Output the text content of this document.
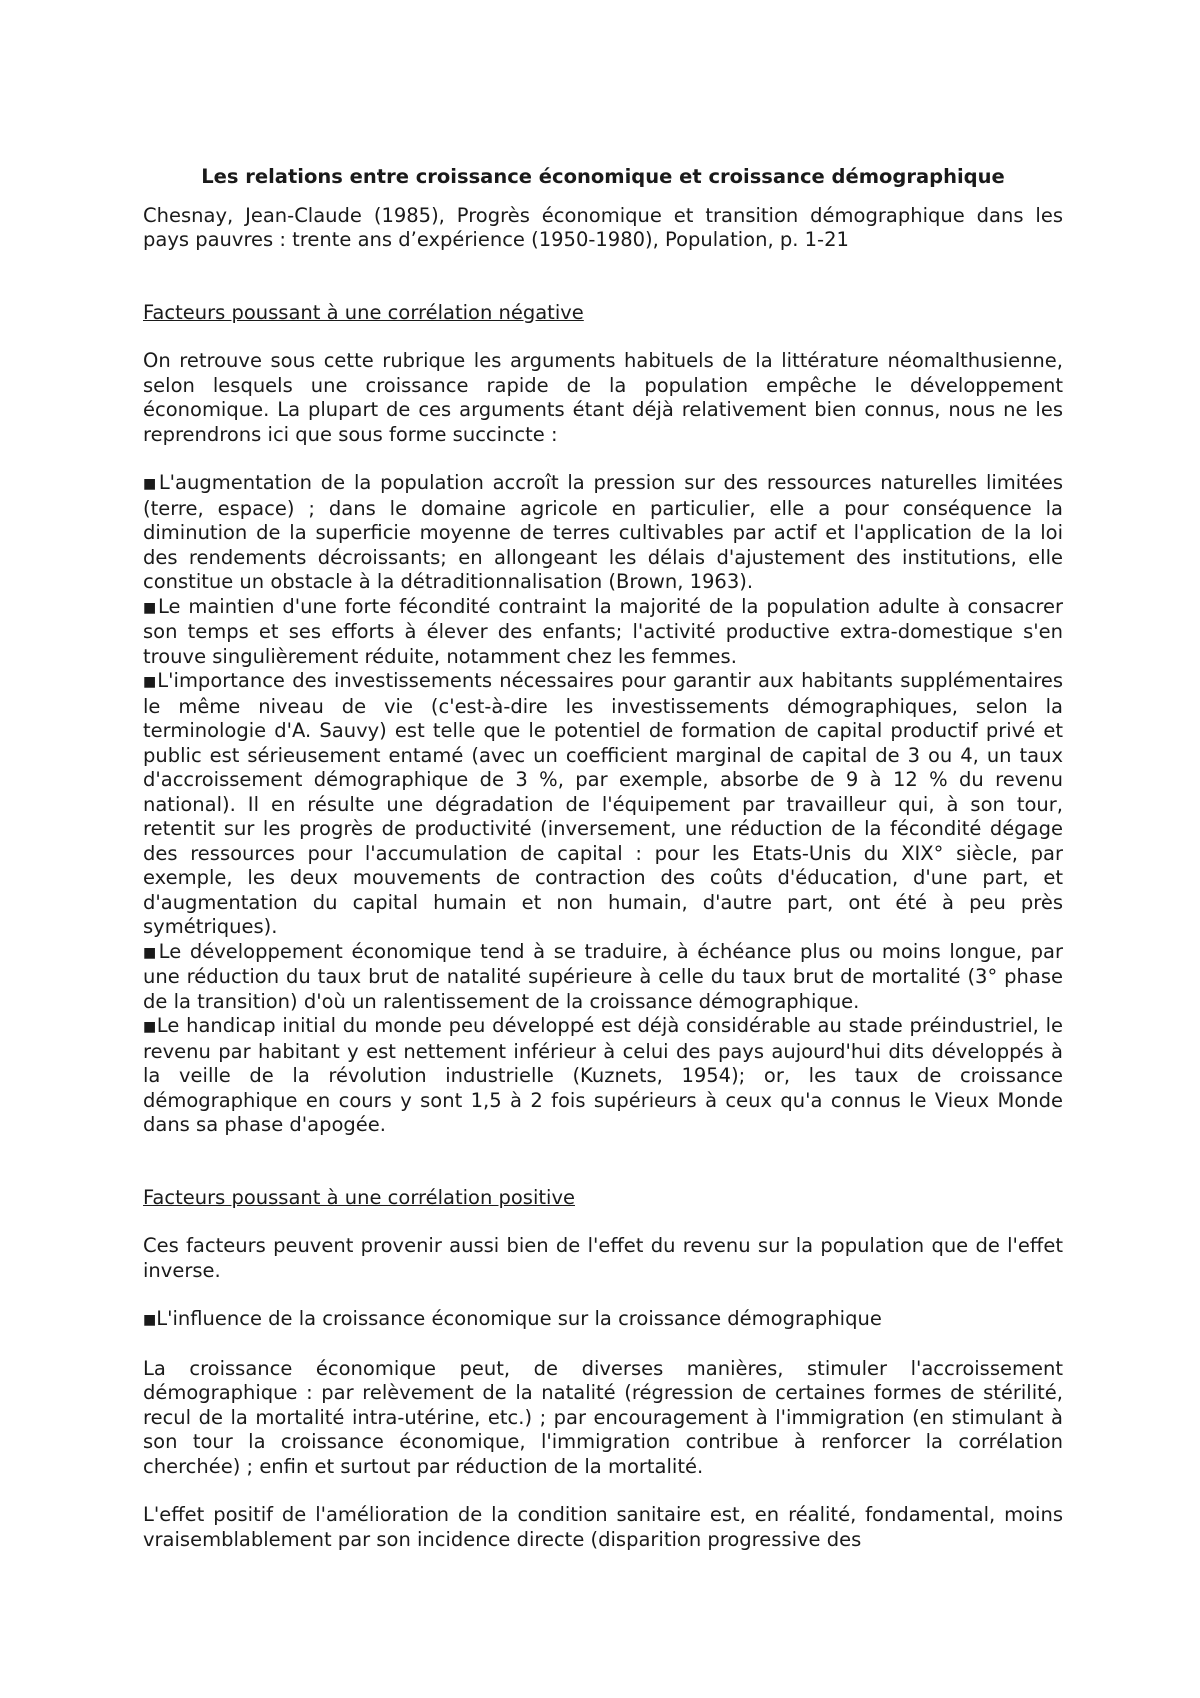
Les relations entre croissance économique et croissance démographique

Chesnay, Jean-Claude (1985), Progrès économique et transition démographique dans les pays pauvres : trente ans d’expérience (1950-1980), Population, p. 1-21

Facteurs poussant à une corrélation négative

On retrouve sous cette rubrique les arguments habituels de la littérature néomalthusienne, selon lesquels une croissance rapide de la population empêche le développement économique. La plupart de ces arguments étant déjà relativement bien connus, nous ne les reprendrons ici que sous forme succincte :

■L'augmentation de la population accroît la pression sur des ressources naturelles limitées (terre, espace) ; dans le domaine agricole en particulier, elle a pour conséquence la diminution de la superficie moyenne de terres cultivables par actif et l'application de la loi des rendements décroissants; en allongeant les délais d'ajustement des institutions, elle constitue un obstacle à la détraditionnalisation (Brown, 1963).

■Le maintien d'une forte fécondité contraint la majorité de la population adulte à consacrer son temps et ses efforts à élever des enfants; l'activité productive extra-domestique s'en trouve singulièrement réduite, notamment chez les femmes.

■L'importance des investissements nécessaires pour garantir aux habitants supplémentaires le même niveau de vie (c'est-à-dire les investissements démographiques, selon la terminologie d'A. Sauvy) est telle que le potentiel de formation de capital productif privé et public est sérieusement entamé (avec un coefficient marginal de capital de 3 ou 4, un taux d'accroissement démographique de 3 %, par exemple, absorbe de 9 à 12 % du revenu national). Il en résulte une dégradation de l'équipement par travailleur qui, à son tour, retentit sur les progrès de productivité (inversement, une réduction de la fécondité dégage des ressources pour l'accumulation de capital : pour les Etats-Unis du XIX° siècle, par exemple, les deux mouvements de contraction des coûts d'éducation, d'une part, et d'augmentation du capital humain et non humain, d'autre part, ont été à peu près symétriques).

■Le développement économique tend à se traduire, à échéance plus ou moins longue, par une réduction du taux brut de natalité supérieure à celle du taux brut de mortalité (3° phase de la transition) d'où un ralentissement de la croissance démographique.

■Le handicap initial du monde peu développé est déjà considérable au stade préindustriel, le revenu par habitant y est nettement inférieur à celui des pays aujourd'hui dits développés à la veille de la révolution industrielle (Kuznets, 1954); or, les taux de croissance démographique en cours y sont 1,5 à 2 fois supérieurs à ceux qu'a connus le Vieux Monde dans sa phase d'apogée.

Facteurs poussant à une corrélation positive

Ces facteurs peuvent provenir aussi bien de l'effet du revenu sur la population que de l'effet inverse.

■L'influence de la croissance économique sur la croissance démographique

La croissance économique peut, de diverses manières, stimuler l'accroissement démographique : par relèvement de la natalité (régression de certaines formes de stérilité, recul de la mortalité intra-utérine, etc.) ; par encouragement à l'immigration (en stimulant à son tour la croissance économique, l'immigration contribue à renforcer la corrélation cherchée) ; enfin et surtout par réduction de la mortalité.

L'effet positif de l'amélioration de la condition sanitaire est, en réalité, fondamental, moins vraisemblablement par son incidence directe (disparition progressive des
